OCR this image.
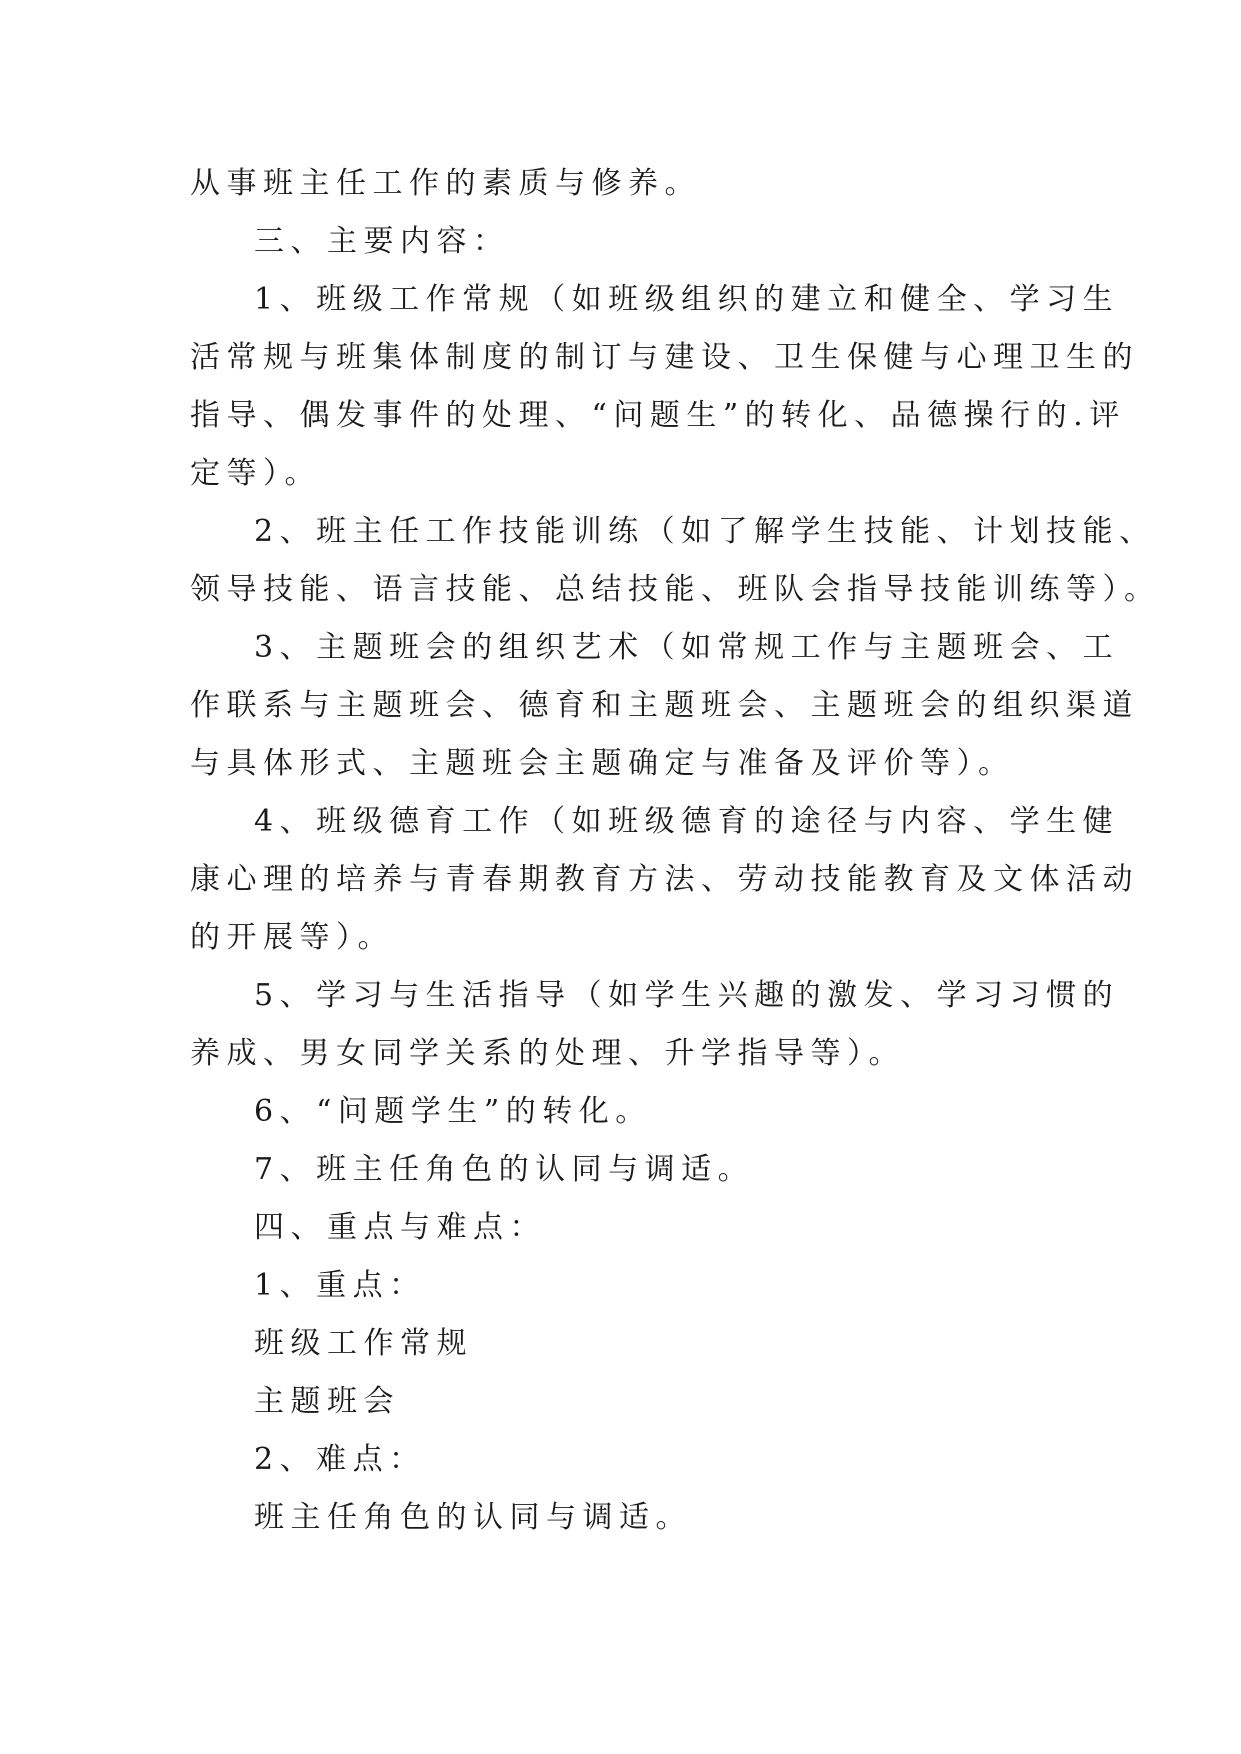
从事班主任工作的素质与修养。

三、主要内容：

1、班级工作常规（如班级组织的建立和健全、学习生

活常规与班集体制度的制订与建设、卫生保健与心理卫生的

指导、偶发事件的处理、“问题生”的转化、品德操行的.评

定等）。

2、班主任工作技能训练（如了解学生技能、计划技能、

领导技能、语言技能、总结技能、班队会指导技能训练等）。

3、主题班会的组织艺术（如常规工作与主题班会、工

作联系与主题班会、德育和主题班会、主题班会的组织渠道

与具体形式、主题班会主题确定与准备及评价等）。

4、班级德育工作（如班级德育的途径与内容、学生健

康心理的培养与青春期教育方法、劳动技能教育及文体活动

的开展等）。

5、学习与生活指导（如学生兴趣的激发、学习习惯的

养成、男女同学关系的处理、升学指导等）。

6、“问题学生”的转化。

7、班主任角色的认同与调适。

四、重点与难点：

1、重点：

班级工作常规

主题班会

2、难点：

班主任角色的认同与调适。
